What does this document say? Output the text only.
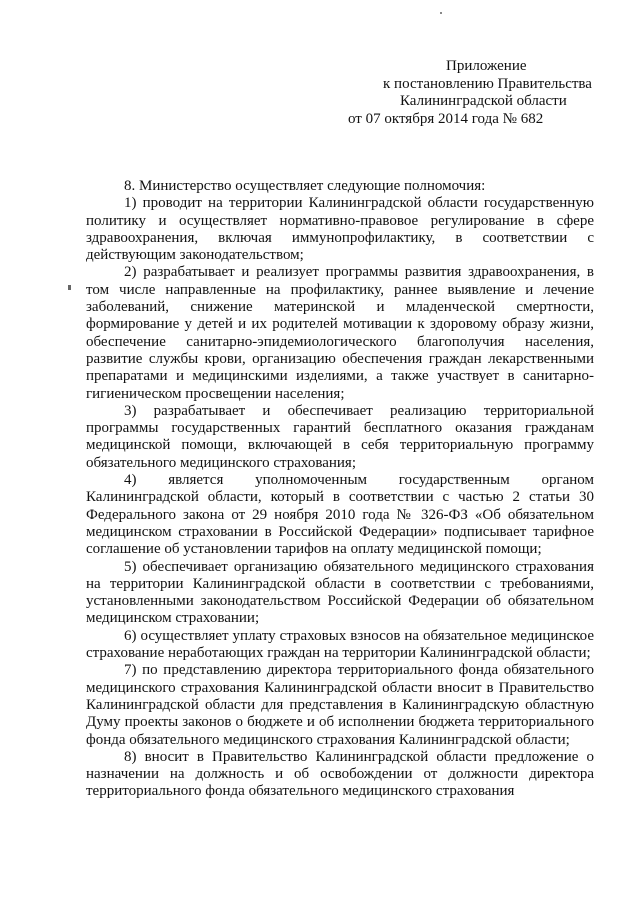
Приложение
к постановлению Правительства
Калининградской области
от 07 октября 2014 года № 682

8. Министерство осуществляет следующие полномочия:

1) проводит на территории Калининградской области государственную политику и осуществляет нормативно-правовое регулирование в сфере здравоохранения, включая иммунопрофилактику, в соответствии с действующим законодательством;

2) разрабатывает и реализует программы развития здравоохранения, в том числе направленные на профилактику, раннее выявление и лечение заболеваний, снижение материнской и младенческой смертности, формирование у детей и их родителей мотивации к здоровому образу жизни, обеспечение санитарно-эпидемиологического благополучия населения, развитие службы крови, организацию обеспечения граждан лекарственными препаратами и медицинскими изделиями, а также участвует в санитарно-гигиеническом просвещении населения;

3) разрабатывает и обеспечивает реализацию территориальной программы государственных гарантий бесплатного оказания гражданам медицинской помощи, включающей в себя территориальную программу обязательного медицинского страхования;

4) является уполномоченным государственным органом Калининградской области, который в соответствии с частью 2 статьи 30 Федерального закона от 29 ноября 2010 года № 326-ФЗ «Об обязательном медицинском страховании в Российской Федерации» подписывает тарифное соглашение об установлении тарифов на оплату медицинской помощи;

5) обеспечивает организацию обязательного медицинского страхования на территории Калининградской области в соответствии с требованиями, установленными законодательством Российской Федерации об обязательном медицинском страховании;

6) осуществляет уплату страховых взносов на обязательное медицинское страхование неработающих граждан на территории Калининградской области;

7) по представлению директора территориального фонда обязательного медицинского страхования Калининградской области вносит в Правительство Калининградской области для представления в Калининградскую областную Думу проекты законов о бюджете и об исполнении бюджета территориального фонда обязательного медицинского страхования Калининградской области;

8) вносит в Правительство Калининградской области предложение о назначении на должность и об освобождении от должности директора территориального фонда обязательного медицинского страхования
